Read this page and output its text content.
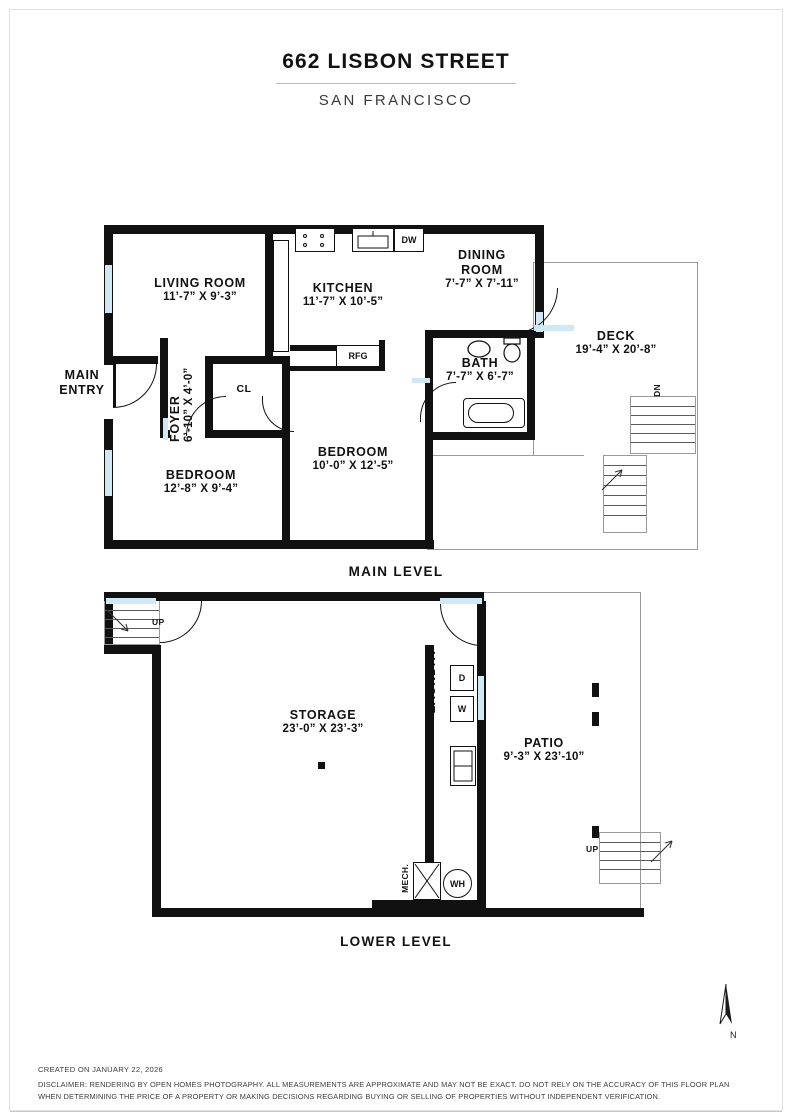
662 LISBON STREET
SAN FRANCISCO
DN
DW
RFG
LIVING ROOM
11’-7” X 9’-3”
KITCHEN
11’-7” X 10’-5”
DINING
ROOM
7’-7” X 7’-11”
DECK
19’-4” X 20’-8”
BATH
7’-7” X 6’-7”
BEDROOM
10’-0” X 12’-5”
BEDROOM
12’-8” X 9’-4”
FOYER 6’-10” X 4’-0”
MAIN
ENTRY	CL
MAIN LEVEL
UP
D
W
MECH.	WH
UP
STORAGE
23’-0” X 23’-3”
LAUNDRY
PATIO
9’-3” X 23’-10”
LOWER LEVEL
N
CREATED ON JANUARY 22, 2026
DISCLAIMER: RENDERING BY OPEN HOMES PHOTOGRAPHY. ALL MEASUREMENTS ARE APPROXIMATE AND MAY NOT BE EXACT. DO NOT RELY ON THE ACCURACY OF THIS FLOOR PLAN
WHEN DETERMINING THE PRICE OF A PROPERTY OR MAKING DECISIONS REGARDING BUYING OR SELLING OF PROPERTIES WITHOUT INDEPENDENT VERIFICATION.
